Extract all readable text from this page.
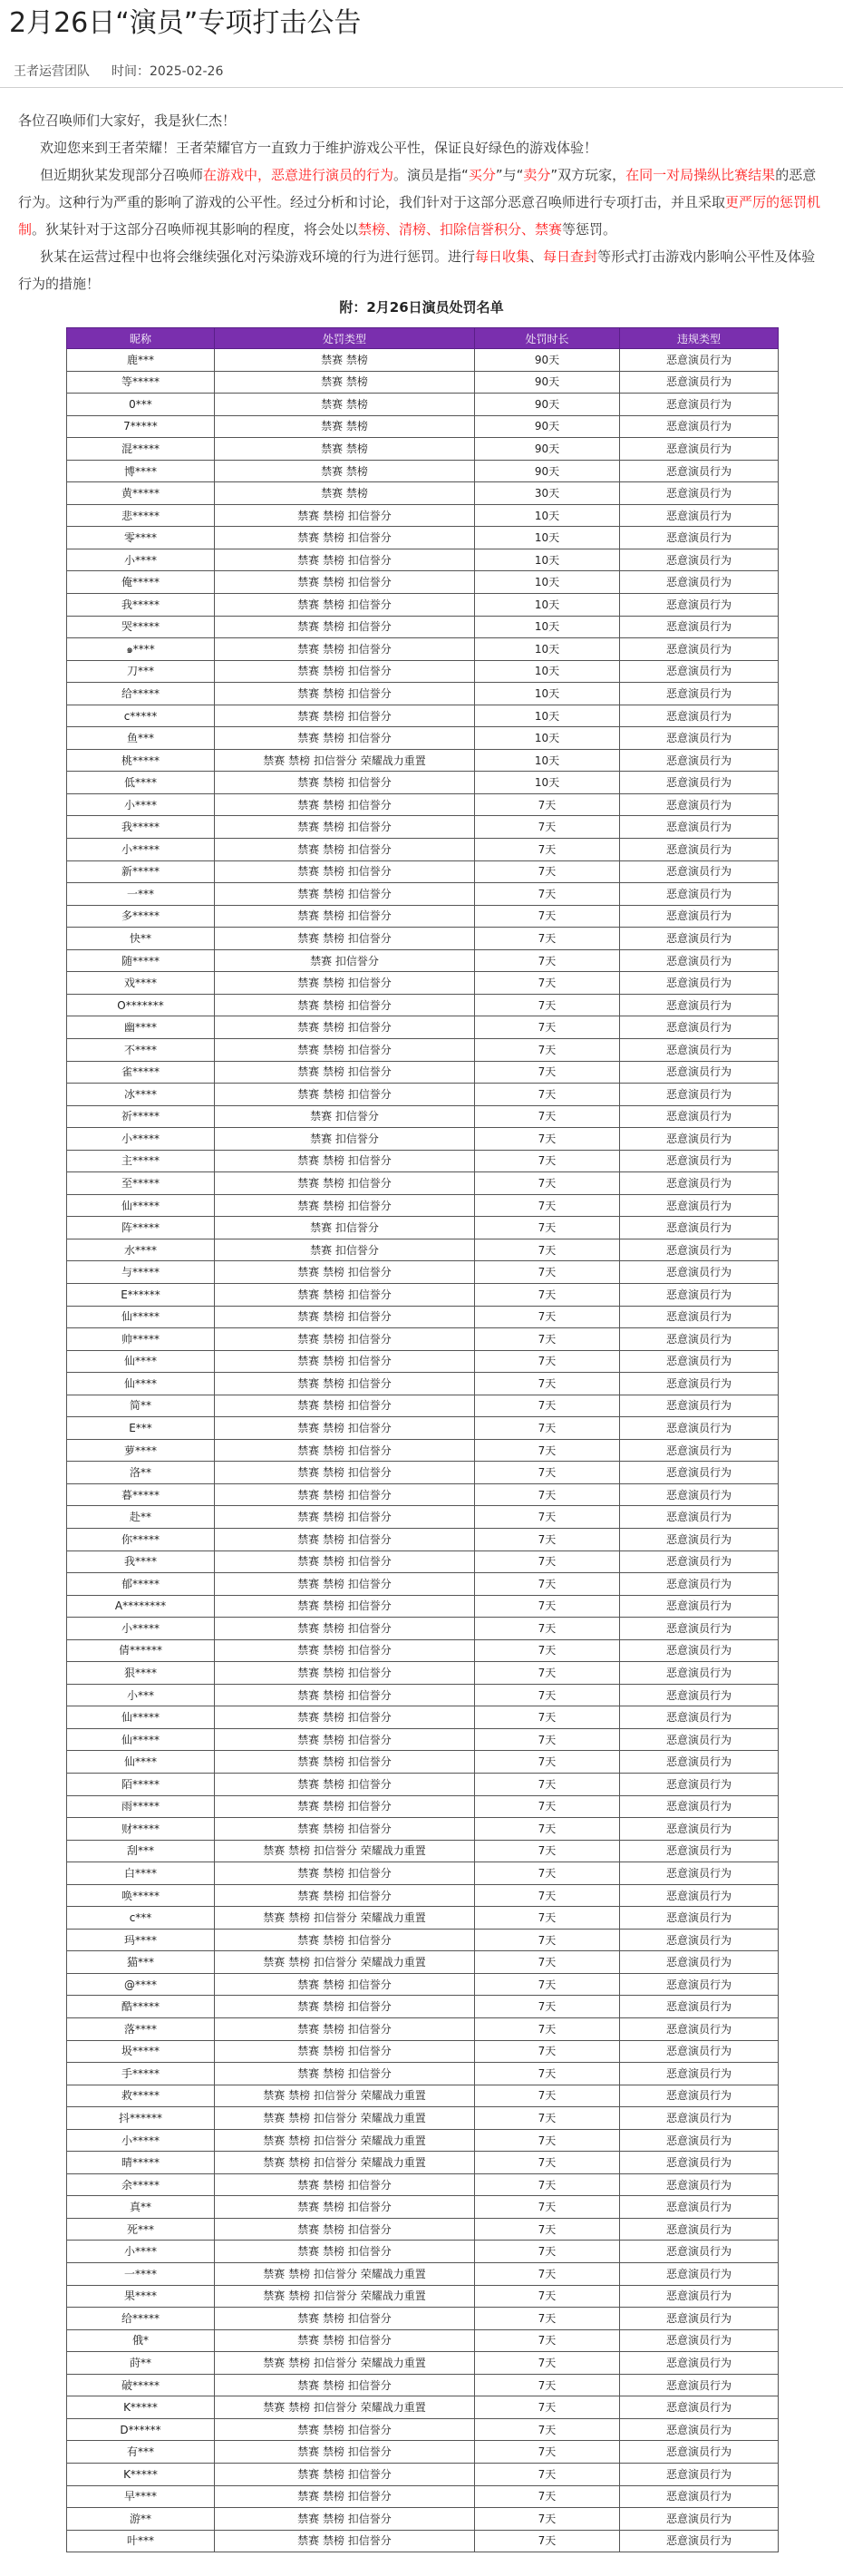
2月26日“演员”专项打击公告
王者运营团队 时间：2025-02-26

各位召唤师们大家好，我是狄仁杰！

欢迎您来到王者荣耀！王者荣耀官方一直致力于维护游戏公平性，保证良好绿色的游戏体验！

但近期狄某发现部分召唤师在游戏中，恶意进行演员的行为。演员是指“买分”与“卖分”双方玩家，在同一对局操纵比赛结果的恶意行为。这种行为严重的影响了游戏的公平性。经过分析和讨论，我们针对于这部分恶意召唤师进行专项打击，并且采取更严厉的惩罚机制。狄某针对于这部分召唤师视其影响的程度，将会处以禁榜、清榜、扣除信誉积分、禁赛等惩罚。

狄某在运营过程中也将会继续强化对污染游戏环境的行为进行惩罚。进行每日收集、每日查封等形式打击游戏内影响公平性及体验行为的措施！

附：2月26日演员处罚名单
昵称	处罚类型	处罚时长	违规类型
鹿***	禁赛 禁榜	90天	恶意演员行为
等*****	禁赛 禁榜	90天	恶意演员行为
0***	禁赛 禁榜	90天	恶意演员行为
7*****	禁赛 禁榜	90天	恶意演员行为
混*****	禁赛 禁榜	90天	恶意演员行为
博****	禁赛 禁榜	90天	恶意演员行为
黄*****	禁赛 禁榜	30天	恶意演员行为
悲*****	禁赛 禁榜 扣信誉分	10天	恶意演员行为
零****	禁赛 禁榜 扣信誉分	10天	恶意演员行为
小****	禁赛 禁榜 扣信誉分	10天	恶意演员行为
俺*****	禁赛 禁榜 扣信誉分	10天	恶意演员行为
我*****	禁赛 禁榜 扣信誉分	10天	恶意演员行为
哭*****	禁赛 禁榜 扣信誉分	10天	恶意演员行为
๑****	禁赛 禁榜 扣信誉分	10天	恶意演员行为
刀***	禁赛 禁榜 扣信誉分	10天	恶意演员行为
给*****	禁赛 禁榜 扣信誉分	10天	恶意演员行为
c*****	禁赛 禁榜 扣信誉分	10天	恶意演员行为
鱼***	禁赛 禁榜 扣信誉分	10天	恶意演员行为
桃*****	禁赛 禁榜 扣信誉分 荣耀战力重置	10天	恶意演员行为
低****	禁赛 禁榜 扣信誉分	10天	恶意演员行为
小****	禁赛 禁榜 扣信誉分	7天	恶意演员行为
我*****	禁赛 禁榜 扣信誉分	7天	恶意演员行为
小*****	禁赛 禁榜 扣信誉分	7天	恶意演员行为
新*****	禁赛 禁榜 扣信誉分	7天	恶意演员行为
一***	禁赛 禁榜 扣信誉分	7天	恶意演员行为
多*****	禁赛 禁榜 扣信誉分	7天	恶意演员行为
快**	禁赛 禁榜 扣信誉分	7天	恶意演员行为
随*****	禁赛 扣信誉分	7天	恶意演员行为
戏****	禁赛 禁榜 扣信誉分	7天	恶意演员行为
O*******	禁赛 禁榜 扣信誉分	7天	恶意演员行为
幽****	禁赛 禁榜 扣信誉分	7天	恶意演员行为
不****	禁赛 禁榜 扣信誉分	7天	恶意演员行为
雀*****	禁赛 禁榜 扣信誉分	7天	恶意演员行为
冰****	禁赛 禁榜 扣信誉分	7天	恶意演员行为
祈*****	禁赛 扣信誉分	7天	恶意演员行为
小*****	禁赛 扣信誉分	7天	恶意演员行为
主*****	禁赛 禁榜 扣信誉分	7天	恶意演员行为
至*****	禁赛 禁榜 扣信誉分	7天	恶意演员行为
仙*****	禁赛 禁榜 扣信誉分	7天	恶意演员行为
阵*****	禁赛 扣信誉分	7天	恶意演员行为
水****	禁赛 扣信誉分	7天	恶意演员行为
与*****	禁赛 禁榜 扣信誉分	7天	恶意演员行为
E******	禁赛 禁榜 扣信誉分	7天	恶意演员行为
仙*****	禁赛 禁榜 扣信誉分	7天	恶意演员行为
帅*****	禁赛 禁榜 扣信誉分	7天	恶意演员行为
仙****	禁赛 禁榜 扣信誉分	7天	恶意演员行为
仙****	禁赛 禁榜 扣信誉分	7天	恶意演员行为
简**	禁赛 禁榜 扣信誉分	7天	恶意演员行为
E***	禁赛 禁榜 扣信誉分	7天	恶意演员行为
萝****	禁赛 禁榜 扣信誉分	7天	恶意演员行为
洛**	禁赛 禁榜 扣信誉分	7天	恶意演员行为
暮*****	禁赛 禁榜 扣信誉分	7天	恶意演员行为
赴**	禁赛 禁榜 扣信誉分	7天	恶意演员行为
你*****	禁赛 禁榜 扣信誉分	7天	恶意演员行为
我****	禁赛 禁榜 扣信誉分	7天	恶意演员行为
郁*****	禁赛 禁榜 扣信誉分	7天	恶意演员行为
A********	禁赛 禁榜 扣信誉分	7天	恶意演员行为
小*****	禁赛 禁榜 扣信誉分	7天	恶意演员行为
倩******	禁赛 禁榜 扣信誉分	7天	恶意演员行为
狠****	禁赛 禁榜 扣信誉分	7天	恶意演员行为
小***	禁赛 禁榜 扣信誉分	7天	恶意演员行为
仙*****	禁赛 禁榜 扣信誉分	7天	恶意演员行为
仙*****	禁赛 禁榜 扣信誉分	7天	恶意演员行为
仙****	禁赛 禁榜 扣信誉分	7天	恶意演员行为
陌*****	禁赛 禁榜 扣信誉分	7天	恶意演员行为
雨*****	禁赛 禁榜 扣信誉分	7天	恶意演员行为
财*****	禁赛 禁榜 扣信誉分	7天	恶意演员行为
刮***	禁赛 禁榜 扣信誉分 荣耀战力重置	7天	恶意演员行为
白****	禁赛 禁榜 扣信誉分	7天	恶意演员行为
唤*****	禁赛 禁榜 扣信誉分	7天	恶意演员行为
c***	禁赛 禁榜 扣信誉分 荣耀战力重置	7天	恶意演员行为
玛****	禁赛 禁榜 扣信誉分	7天	恶意演员行为
猫***	禁赛 禁榜 扣信誉分 荣耀战力重置	7天	恶意演员行为
@****	禁赛 禁榜 扣信誉分	7天	恶意演员行为
酷*****	禁赛 禁榜 扣信誉分	7天	恶意演员行为
落****	禁赛 禁榜 扣信誉分	7天	恶意演员行为
圾*****	禁赛 禁榜 扣信誉分	7天	恶意演员行为
手*****	禁赛 禁榜 扣信誉分	7天	恶意演员行为
救*****	禁赛 禁榜 扣信誉分 荣耀战力重置	7天	恶意演员行为
抖******	禁赛 禁榜 扣信誉分 荣耀战力重置	7天	恶意演员行为
小*****	禁赛 禁榜 扣信誉分 荣耀战力重置	7天	恶意演员行为
晴*****	禁赛 禁榜 扣信誉分 荣耀战力重置	7天	恶意演员行为
余*****	禁赛 禁榜 扣信誉分	7天	恶意演员行为
真**	禁赛 禁榜 扣信誉分	7天	恶意演员行为
死***	禁赛 禁榜 扣信誉分	7天	恶意演员行为
小****	禁赛 禁榜 扣信誉分	7天	恶意演员行为
一****	禁赛 禁榜 扣信誉分 荣耀战力重置	7天	恶意演员行为
果****	禁赛 禁榜 扣信誉分 荣耀战力重置	7天	恶意演员行为
给*****	禁赛 禁榜 扣信誉分	7天	恶意演员行为
俄*	禁赛 禁榜 扣信誉分	7天	恶意演员行为
莳**	禁赛 禁榜 扣信誉分 荣耀战力重置	7天	恶意演员行为
破*****	禁赛 禁榜 扣信誉分	7天	恶意演员行为
K*****	禁赛 禁榜 扣信誉分 荣耀战力重置	7天	恶意演员行为
D******	禁赛 禁榜 扣信誉分	7天	恶意演员行为
有***	禁赛 禁榜 扣信誉分	7天	恶意演员行为
K*****	禁赛 禁榜 扣信誉分	7天	恶意演员行为
早****	禁赛 禁榜 扣信誉分	7天	恶意演员行为
游**	禁赛 禁榜 扣信誉分	7天	恶意演员行为
叶***	禁赛 禁榜 扣信誉分	7天	恶意演员行为
